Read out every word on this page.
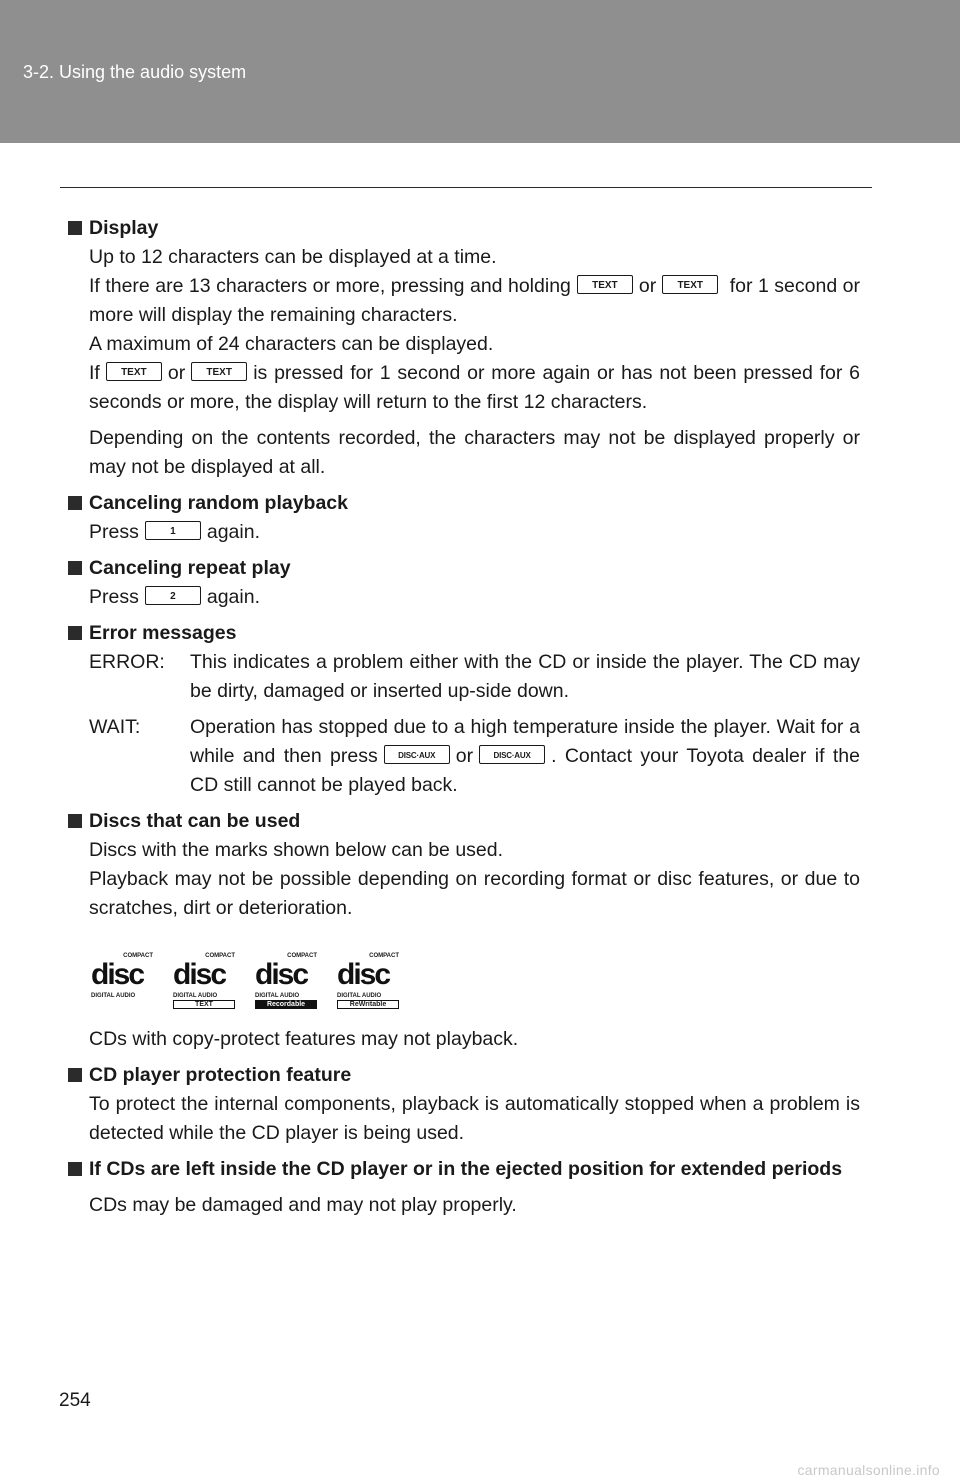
3-2. Using the audio system
Display
Up to 12 characters can be displayed at a time.
If there are 13 characters or more, pressing and holding TEXT or TEXT for 1 second or more will display the remaining characters.
A maximum of 24 characters can be displayed.
If TEXT or TEXT is pressed for 1 second or more again or has not been pressed for 6 seconds or more, the display will return to the first 12 characters.
Depending on the contents recorded, the characters may not be displayed properly or may not be displayed at all.
Canceling random playback
Press	1 again.
Canceling repeat play
Press	2 again.
Error messages
ERROR:	This indicates a problem either with the CD or inside the player. The CD may be dirty, damaged or inserted up-side down.
WAIT:	Operation has stopped due to a high temperature inside the player. Wait for a while and then press	DISC·AUX or	DISC·AUX . Contact your Toyota dealer if the CD still cannot be played back.
Discs that can be used
Discs with the marks shown below can be used.
Playback may not be possible depending on recording format or disc features, or due to scratches, dirt or deterioration.
COMPACT
disc
DIGITAL AUDIO
COMPACT
disc
DIGITAL AUDIO
TEXT
COMPACT
disc
DIGITAL AUDIO
Recordable
COMPACT
disc
DIGITAL AUDIO
ReWritable
CDs with copy-protect features may not playback.
CD player protection feature
To protect the internal components, playback is automatically stopped when a problem is detected while the CD player is being used.
If CDs are left inside the CD player or in the ejected position for extended periods
CDs may be damaged and may not play properly.
254
carmanualsonline.info
